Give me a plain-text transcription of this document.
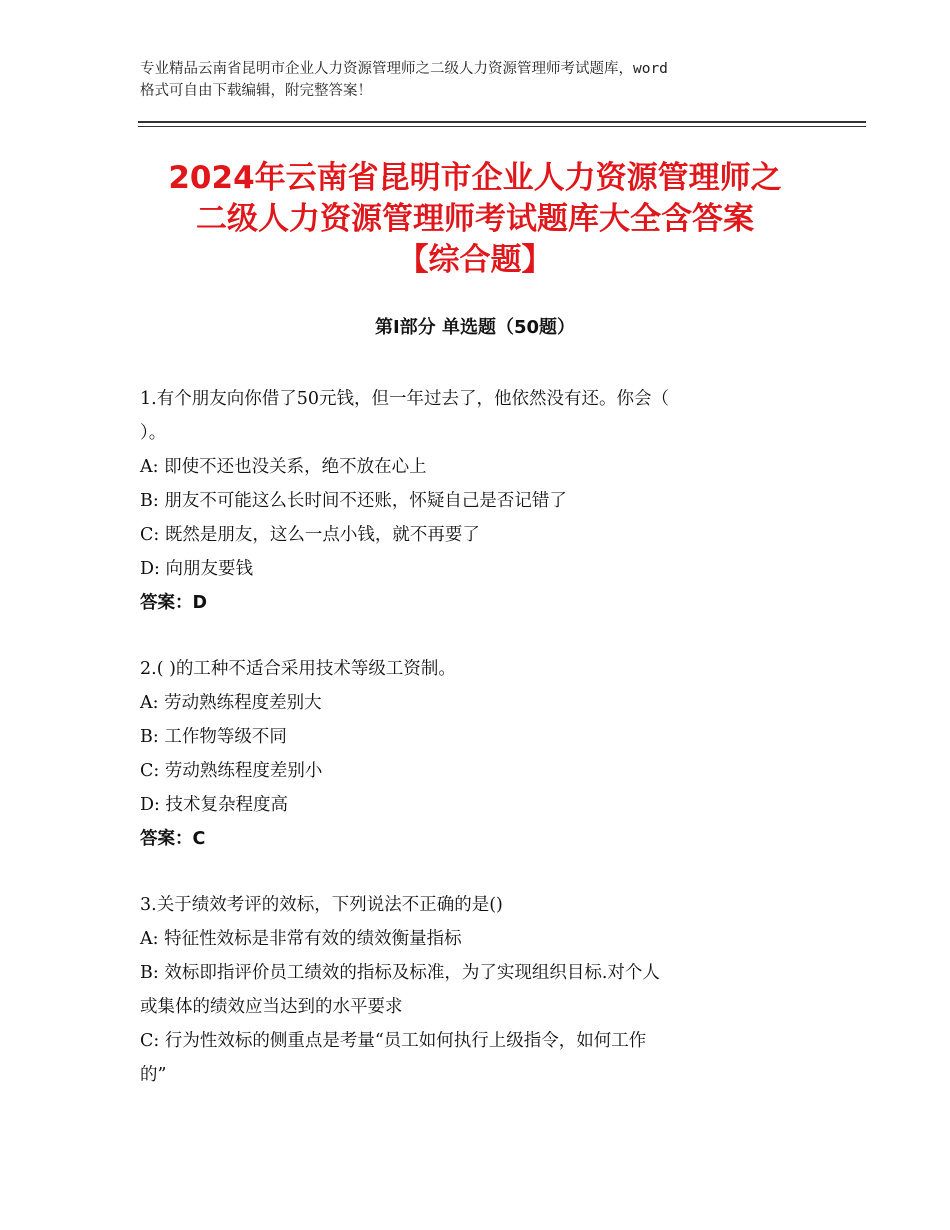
专业精品云南省昆明市企业人力资源管理师之二级人力资源管理师考试题库，word
格式可自由下载编辑，附完整答案！
2024年云南省昆明市企业人力资源管理师之
二级人力资源管理师考试题库大全含答案
【综合题】
第Ⅰ部分 单选题（50题）
1.有个朋友向你借了50元钱，但一年过去了，他依然没有还。你会（
）。
A: 即使不还也没关系，绝不放在心上
B: 朋友不可能这么长时间不还账，怀疑自己是否记错了
C: 既然是朋友，这么一点小钱，就不再要了
D: 向朋友要钱
答案：D
2.( )的工种不适合采用技术等级工资制。
A: 劳动熟练程度差别大
B: 工作物等级不同
C: 劳动熟练程度差别小
D: 技术复杂程度高
答案：C
3.关于绩效考评的效标，下列说法不正确的是()
A: 特征性效标是非常有效的绩效衡量指标
B: 效标即指评价员工绩效的指标及标准，为了实现组织目标.对个人
或集体的绩效应当达到的水平要求
C: 行为性效标的侧重点是考量“员工如何执行上级指令，如何工作
的”
